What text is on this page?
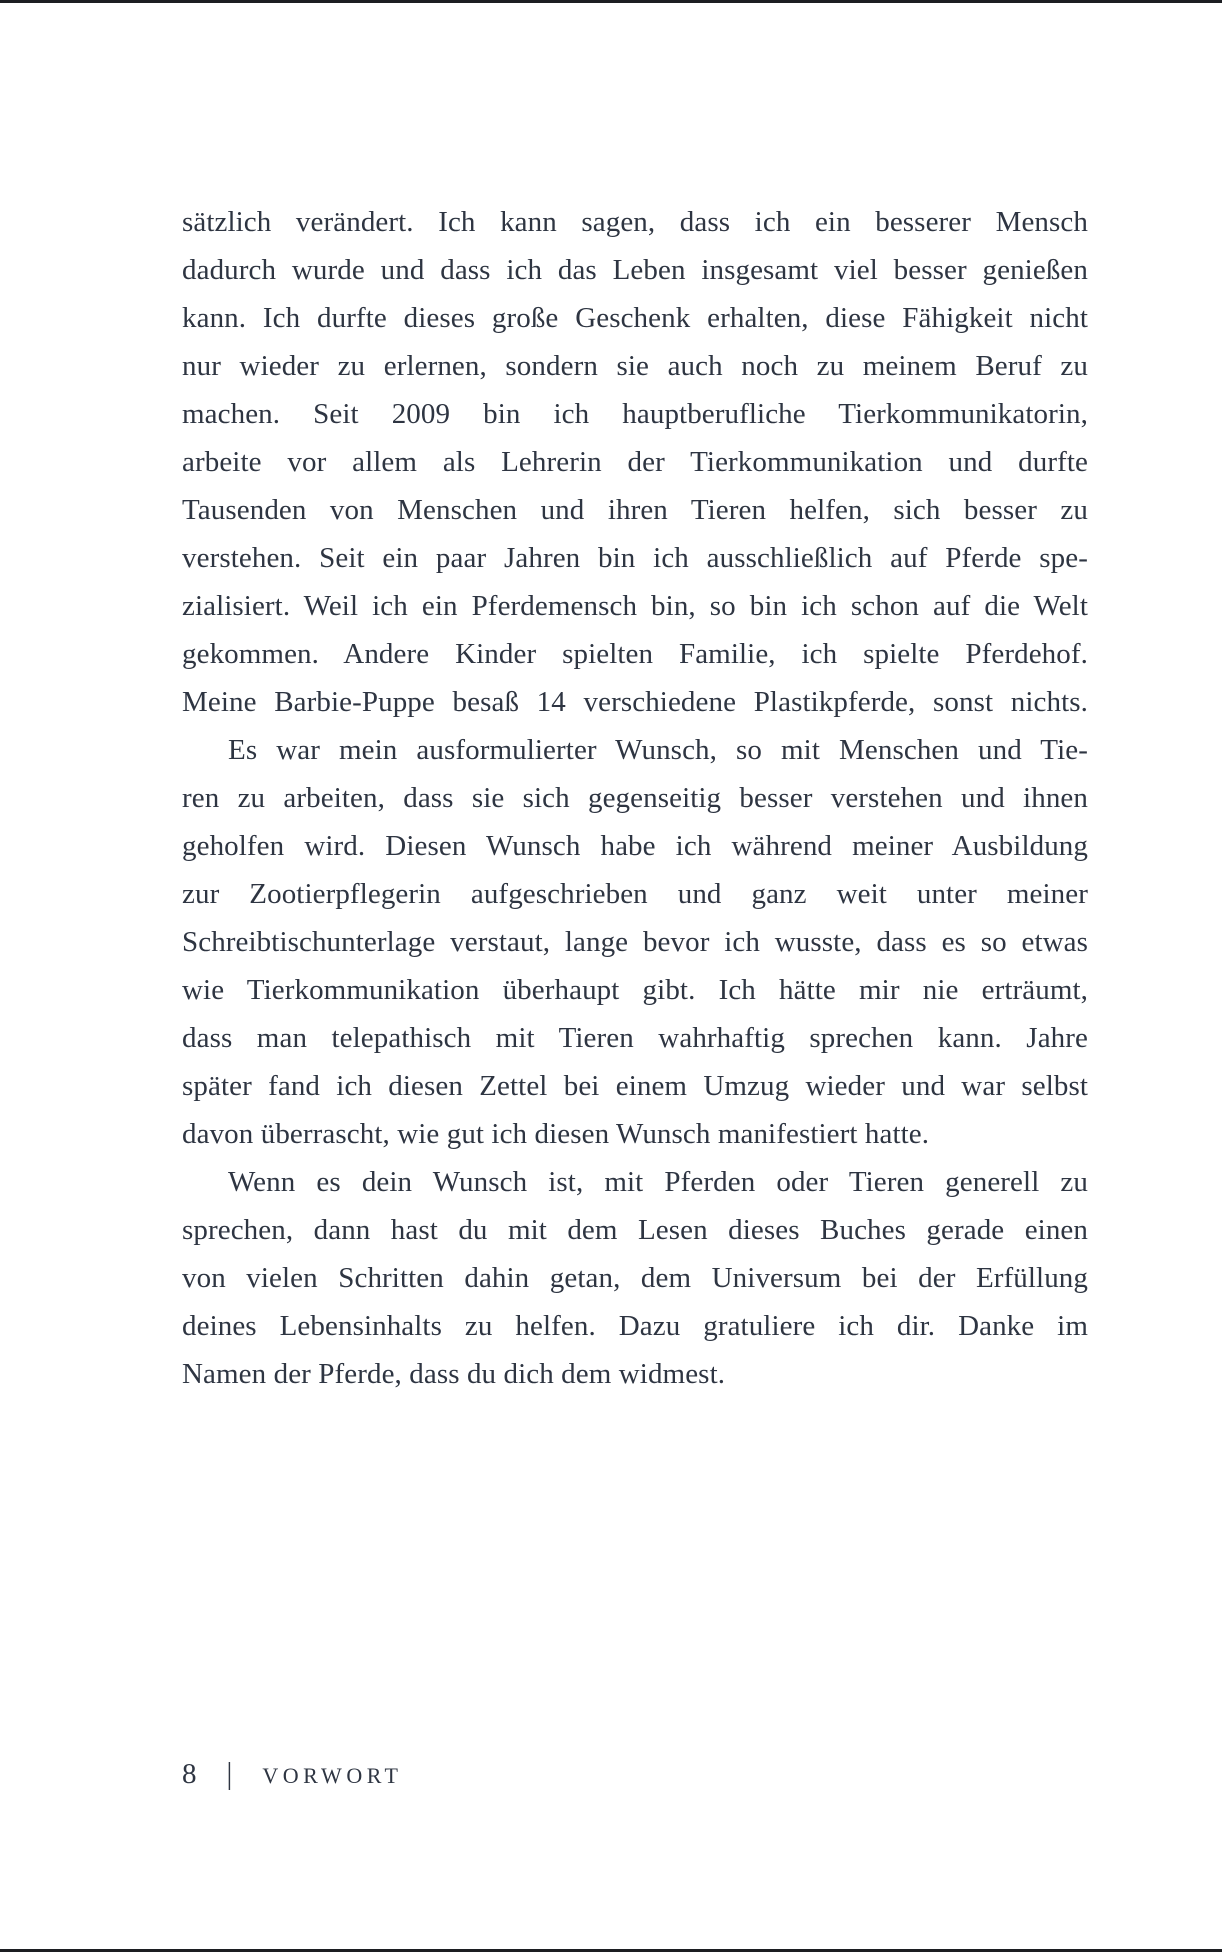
sätzlich verändert. Ich kann sagen, dass ich ein besserer Mensch
dadurch wurde und dass ich das Leben insgesamt viel besser genießen
kann. Ich durfte dieses große Geschenk erhalten, diese Fähigkeit nicht
nur wieder zu erlernen, sondern sie auch noch zu meinem Beruf zu
machen. Seit 2009 bin ich hauptberufliche Tierkommunikatorin,
arbeite vor allem als Lehrerin der Tierkommunikation und durfte
Tausenden von Menschen und ihren Tieren helfen, sich besser zu
verstehen. Seit ein paar Jahren bin ich ausschließlich auf Pferde spe-
zialisiert. Weil ich ein Pferdemensch bin, so bin ich schon auf die Welt
gekommen. Andere Kinder spielten Familie, ich spielte Pferdehof.
Meine Barbie-Puppe besaß 14 verschiedene Plastikpferde, sonst nichts.
Es war mein ausformulierter Wunsch, so mit Menschen und Tie-
ren zu arbeiten, dass sie sich gegenseitig besser verstehen und ihnen
geholfen wird. Diesen Wunsch habe ich während meiner Ausbildung
zur Zootierpflegerin aufgeschrieben und ganz weit unter meiner
Schreibtischunterlage verstaut, lange bevor ich wusste, dass es so etwas
wie Tierkommunikation überhaupt gibt. Ich hätte mir nie erträumt,
dass man telepathisch mit Tieren wahrhaftig sprechen kann. Jahre
später fand ich diesen Zettel bei einem Umzug wieder und war selbst
davon überrascht, wie gut ich diesen Wunsch manifestiert hatte.
Wenn es dein Wunsch ist, mit Pferden oder Tieren generell zu
sprechen, dann hast du mit dem Lesen dieses Buches gerade einen
von vielen Schritten dahin getan, dem Universum bei der Erfüllung
deines Lebensinhalts zu helfen. Dazu gratuliere ich dir. Danke im
Namen der Pferde, dass du dich dem widmest.
8 | VORWORT
